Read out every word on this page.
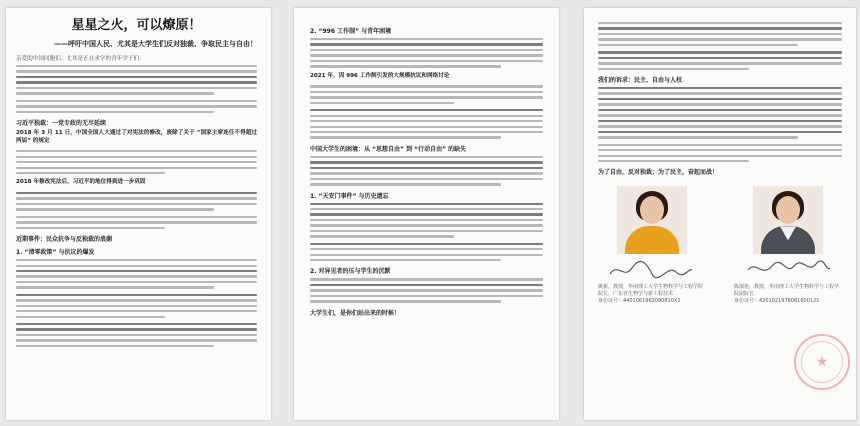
星星之火，可以燎原！
——呼吁中国人民、尤其是大学生们反对独裁、争取民主与自由！
亲爱的中国同胞们、尤其是正在求学的青年学子们：
习近平独裁：一党专政的无尽延续
2018 年 3 月 11 日，中国全国人大通过了对宪法的修改，废除了关于 “国家主席连任不得超过两届” 的规定
2018 年修改宪法后，习近平的地位得到进一步巩固
近期事件：民众抗争与反独裁的浪潮
1. “清零政策” 与抗议的爆发
2. “996 工作制” 与青年困境
2021 年，因 996 工作制引发的大规模抗议和网络讨论
中国大学生的困境：从 “思想自由” 到 “行动自由” 的缺失
1. “天安门事件” 与历史遗忘
2. 对异见者的压与学生的沉默
大学生们，是你们站出来的时候！
我们的诉求：民主、自由与人权
为了自由，反对独裁；为了民主，奋起而战！
姚新，教授，华南理工大学生物科学与工程学院院长，广东省生物学与新工程技术
身份证号：4401061962090810X2
陈淑艳，教授，华南理工大学生物科学与工程学院副院长
身份证号：4201021976061600121
★
